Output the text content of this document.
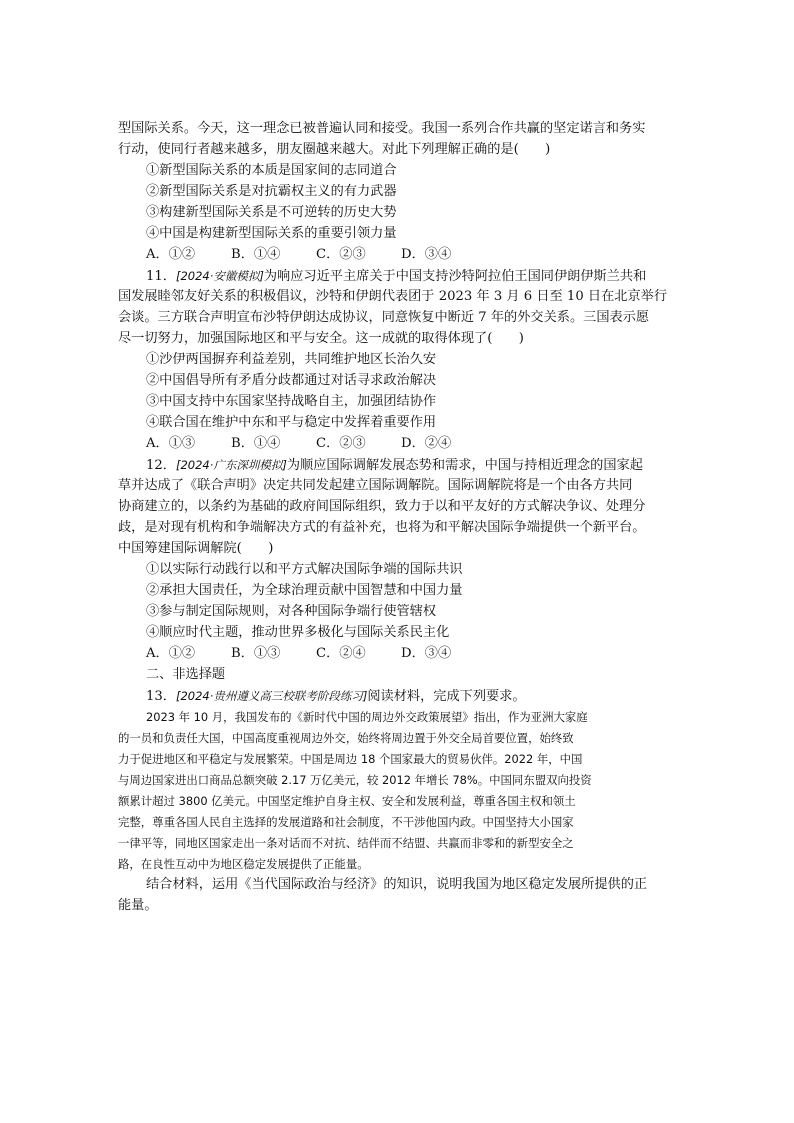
型国际关系。今天，这一理念已被普遍认同和接受。我国一系列合作共赢的坚定诺言和务实
行动，使同行者越来越多，朋友圈越来越大。对此下列理解正确的是(　　)
①新型国际关系的本质是国家间的志同道合
②新型国际关系是对抗霸权主义的有力武器
③构建新型国际关系是不可逆转的历史大势
④中国是构建新型国际关系的重要引领力量
A．①②	B．①④	C．②③	D．③④
11．[2024·安徽模拟]为响应习近平主席关于中国支持沙特阿拉伯王国同伊朗伊斯兰共和
国发展睦邻友好关系的积极倡议，沙特和伊朗代表团于 2023 年 3 月 6 日至 10 日在北京举行
会谈。三方联合声明宣布沙特伊朗达成协议，同意恢复中断近 7 年的外交关系。三国表示愿
尽一切努力，加强国际地区和平与安全。这一成就的取得体现了(　　)
①沙伊两国摒弃利益差别，共同维护地区长治久安
②中国倡导所有矛盾分歧都通过对话寻求政治解决
③中国支持中东国家坚持战略自主，加强团结协作
④联合国在维护中东和平与稳定中发挥着重要作用
A．①③	B．①④	C．②③	D．②④
12．[2024·广东深圳模拟]为顺应国际调解发展态势和需求，中国与持相近理念的国家起
草并达成了《联合声明》决定共同发起建立国际调解院。国际调解院将是一个由各方共同
协商建立的，以条约为基础的政府间国际组织，致力于以和平友好的方式解决争议、处理分
歧，是对现有机构和争端解决方式的有益补充，也将为和平解决国际争端提供一个新平台。
中国筹建国际调解院(　　)
①以实际行动践行以和平方式解决国际争端的国际共识
②承担大国责任，为全球治理贡献中国智慧和中国力量
③参与制定国际规则，对各种国际争端行使管辖权
④顺应时代主题，推动世界多极化与国际关系民主化
A．①②	B．①③	C．②④	D．③④
二、非选择题
13．[2024·贵州遵义高三校联考阶段练习]阅读材料，完成下列要求。
2023 年 10 月，我国发布的《新时代中国的周边外交政策展望》指出，作为亚洲大家庭
的一员和负责任大国，中国高度重视周边外交，始终将周边置于外交全局首要位置，始终致
力于促进地区和平稳定与发展繁荣。中国是周边 18 个国家最大的贸易伙伴。2022 年，中国
与周边国家进出口商品总额突破 2.17 万亿美元，较 2012 年增长 78%。中国同东盟双向投资
额累计超过 3800 亿美元。中国坚定维护自身主权、安全和发展利益，尊重各国主权和领土
完整，尊重各国人民自主选择的发展道路和社会制度，不干涉他国内政。中国坚持大小国家
一律平等，同地区国家走出一条对话而不对抗、结伴而不结盟、共赢而非零和的新型安全之
路，在良性互动中为地区稳定发展提供了正能量。
结合材料，运用《当代国际政治与经济》的知识，说明我国为地区稳定发展所提供的正
能量。
